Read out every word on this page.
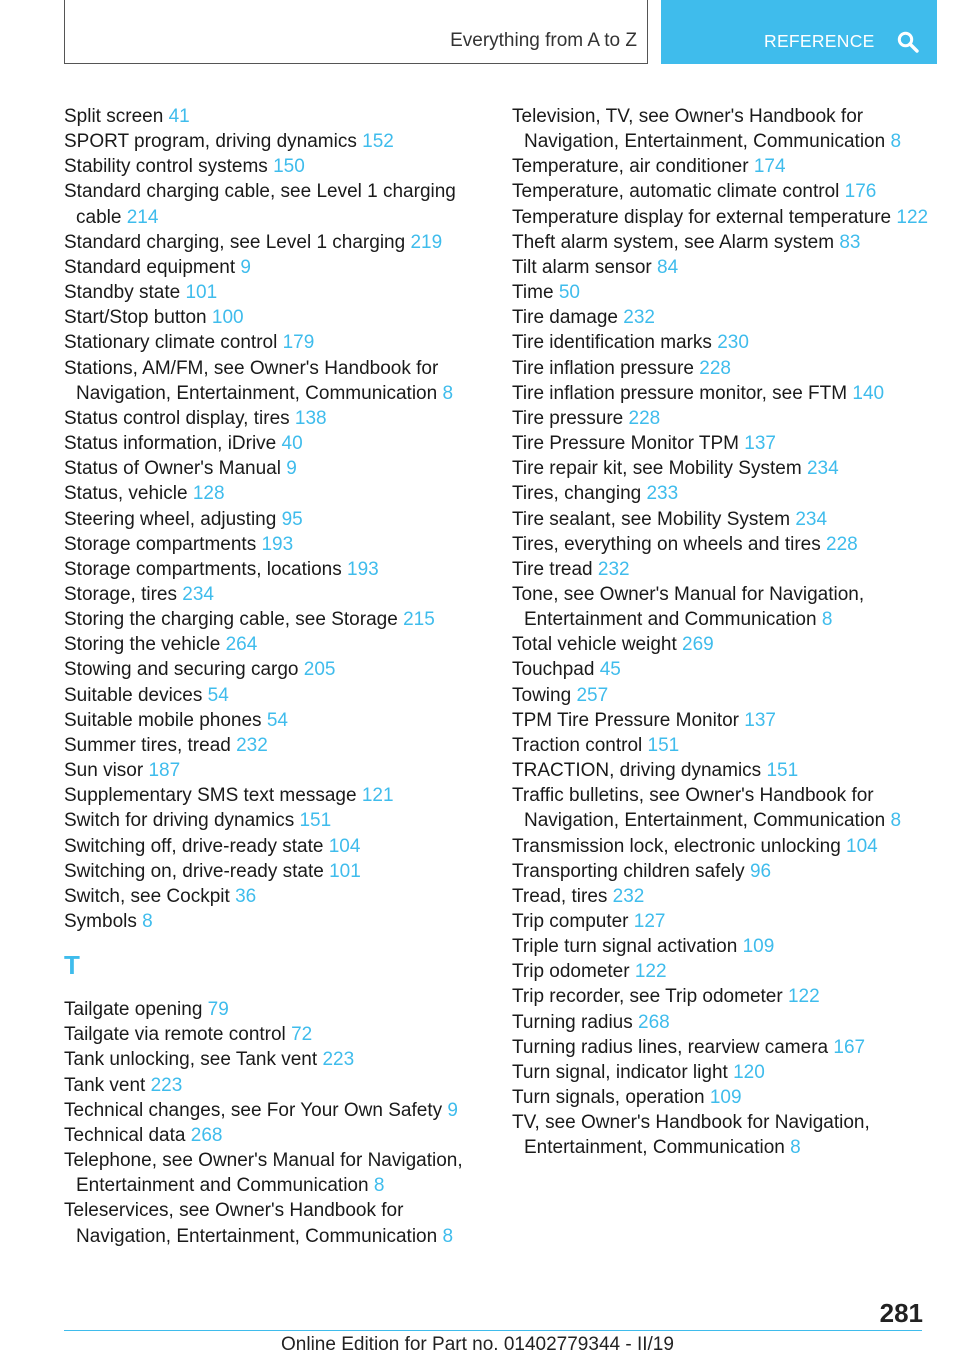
Everything from A to Z	REFERENCE

Split screen 41

SPORT program, driving dynamics 152

Stability control systems 150

Standard charging cable, see Level 1 charging cable 214

Standard charging, see Level 1 charging 219

Standard equipment 9

Standby state 101

Start/Stop button 100

Stationary climate control 179

Stations, AM/FM, see Owner's Handbook for Navigation, Entertainment, Communication 8

Status control display, tires 138

Status information, iDrive 40

Status of Owner's Manual 9

Status, vehicle 128

Steering wheel, adjusting 95

Storage compartments 193

Storage compartments, locations 193

Storage, tires 234

Storing the charging cable, see Storage 215

Storing the vehicle 264

Stowing and securing cargo 205

Suitable devices 54

Suitable mobile phones 54

Summer tires, tread 232

Sun visor 187

Supplementary SMS text message 121

Switch for driving dynamics 151

Switching off, drive-ready state 104

Switching on, drive-ready state 101

Switch, see Cockpit 36

Symbols 8

T

Tailgate opening 79

Tailgate via remote control 72

Tank unlocking, see Tank vent 223

Tank vent 223

Technical changes, see For Your Own Safety 9

Technical data 268

Telephone, see Owner's Manual for Navigation, Entertainment and Communication 8

Teleservices, see Owner's Handbook for Navigation, Entertainment, Communication 8

Television, TV, see Owner's Handbook for Navigation, Entertainment, Communication 8

Temperature, air conditioner 174

Temperature, automatic climate control 176

Temperature display for external temperature 122

Theft alarm system, see Alarm system 83

Tilt alarm sensor 84

Time 50

Tire damage 232

Tire identification marks 230

Tire inflation pressure 228

Tire inflation pressure monitor, see FTM 140

Tire pressure 228

Tire Pressure Monitor TPM 137

Tire repair kit, see Mobility System 234

Tires, changing 233

Tire sealant, see Mobility System 234

Tires, everything on wheels and tires 228

Tire tread 232

Tone, see Owner's Manual for Navigation, Entertainment and Communication 8

Total vehicle weight 269

Touchpad 45

Towing 257

TPM Tire Pressure Monitor 137

Traction control 151

TRACTION, driving dynamics 151

Traffic bulletins, see Owner's Handbook for Navigation, Entertainment, Communication 8

Transmission lock, electronic unlocking 104

Transporting children safely 96

Tread, tires 232

Trip computer 127

Triple turn signal activation 109

Trip odometer 122

Trip recorder, see Trip odometer 122

Turning radius 268

Turning radius lines, rearview camera 167

Turn signal, indicator light 120

Turn signals, operation 109

TV, see Owner's Handbook for Navigation, Entertainment, Communication 8

281
Online Edition for Part no. 01402779344 - II/19
